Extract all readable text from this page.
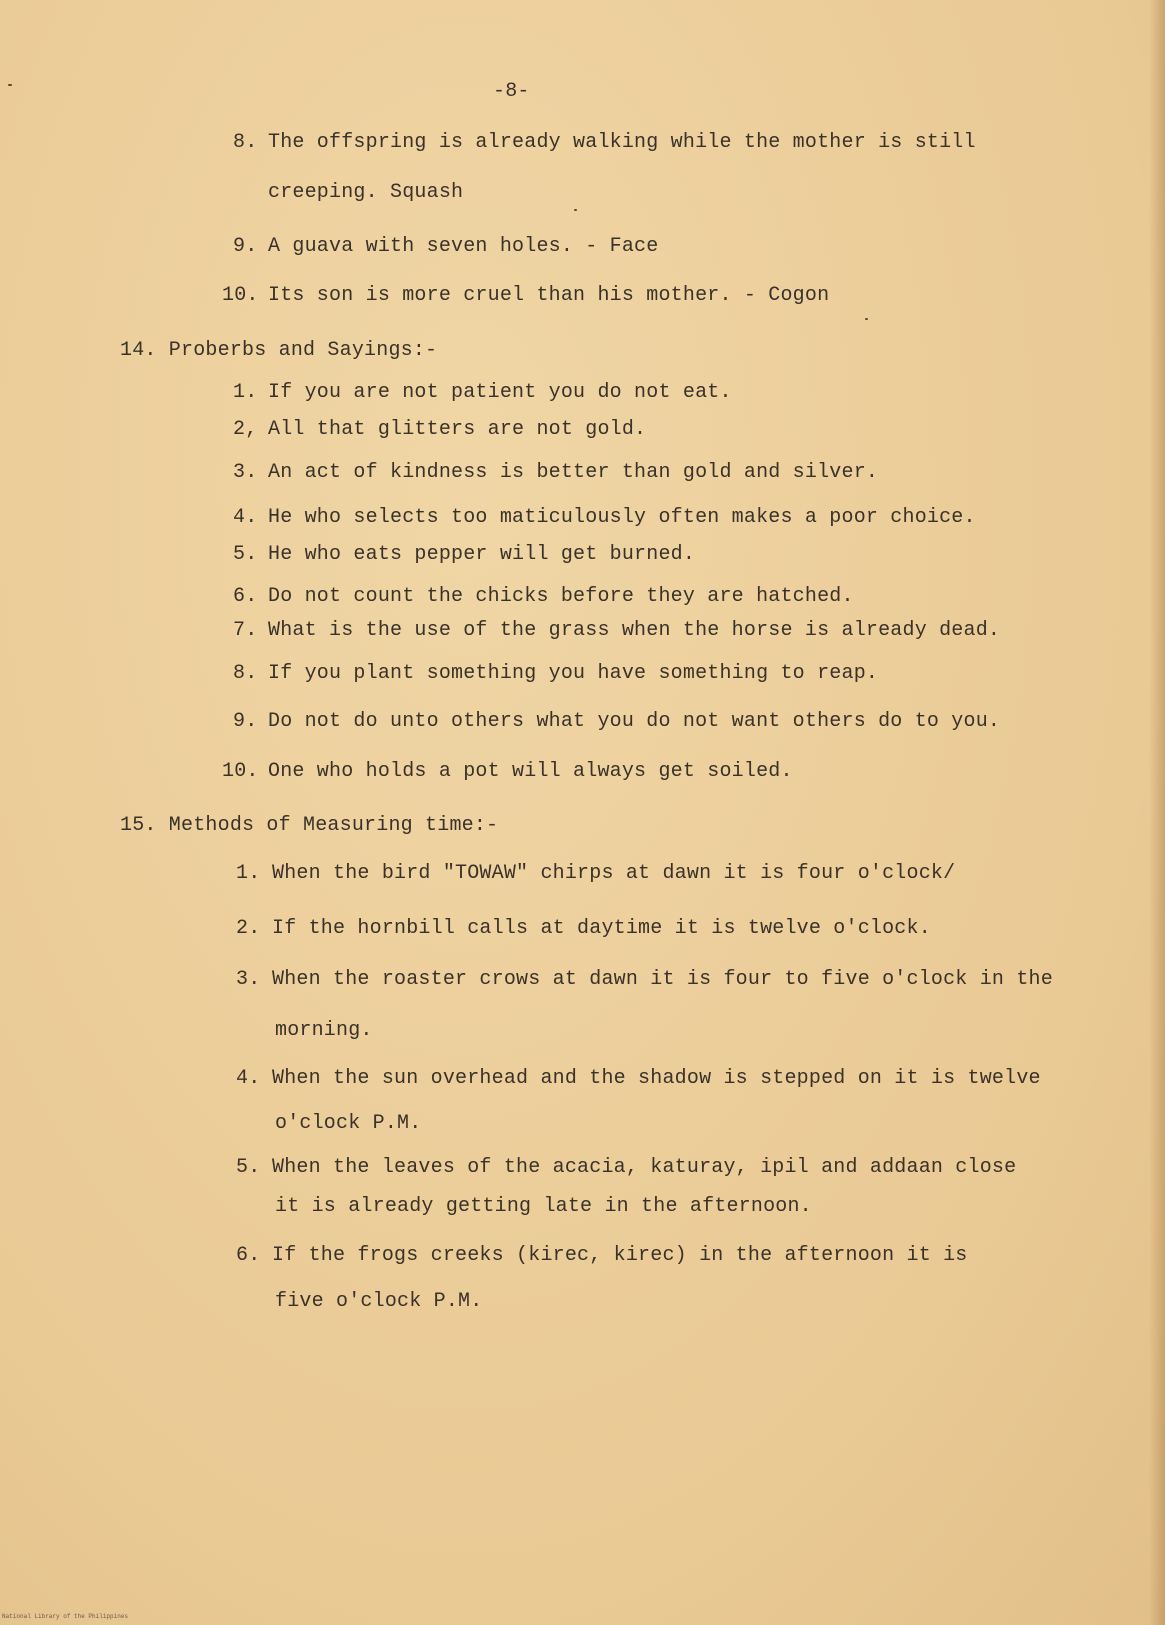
-8-
8. The offspring is already walking while the mother is still
creeping. Squash
9. A guava with seven holes. - Face
10. Its son is more cruel than his mother. - Cogon
14. Proberbs and Sayings:-
1. If you are not patient you do not eat.
2, All that glitters are not gold.
3. An act of kindness is better than gold and silver.
4. He who selects too maticulously often makes a poor choice.
5. He who eats pepper will get burned.
6. Do not count the chicks before they are hatched.
7. What is the use of the grass when the horse is already dead.
8. If you plant something you have something to reap.
9. Do not do unto others what you do not want others do to you.
10. One who holds a pot will always get soiled.
15. Methods of Measuring time:-
1. When the bird "TOWAW" chirps at dawn it is four o'clock/
2. If the hornbill calls at daytime it is twelve o'clock.
3. When the roaster crows at dawn it is four to five o'clock in the
morning.
4. When the sun overhead and the shadow is stepped on it is twelve
o'clock P.M.
5. When the leaves of the acacia, katuray, ipil and addaan close
it is already getting late in the afternoon.
6. If the frogs creeks (kirec, kirec) in the afternoon it is
five o'clock P.M.
National Library of the Philippines
